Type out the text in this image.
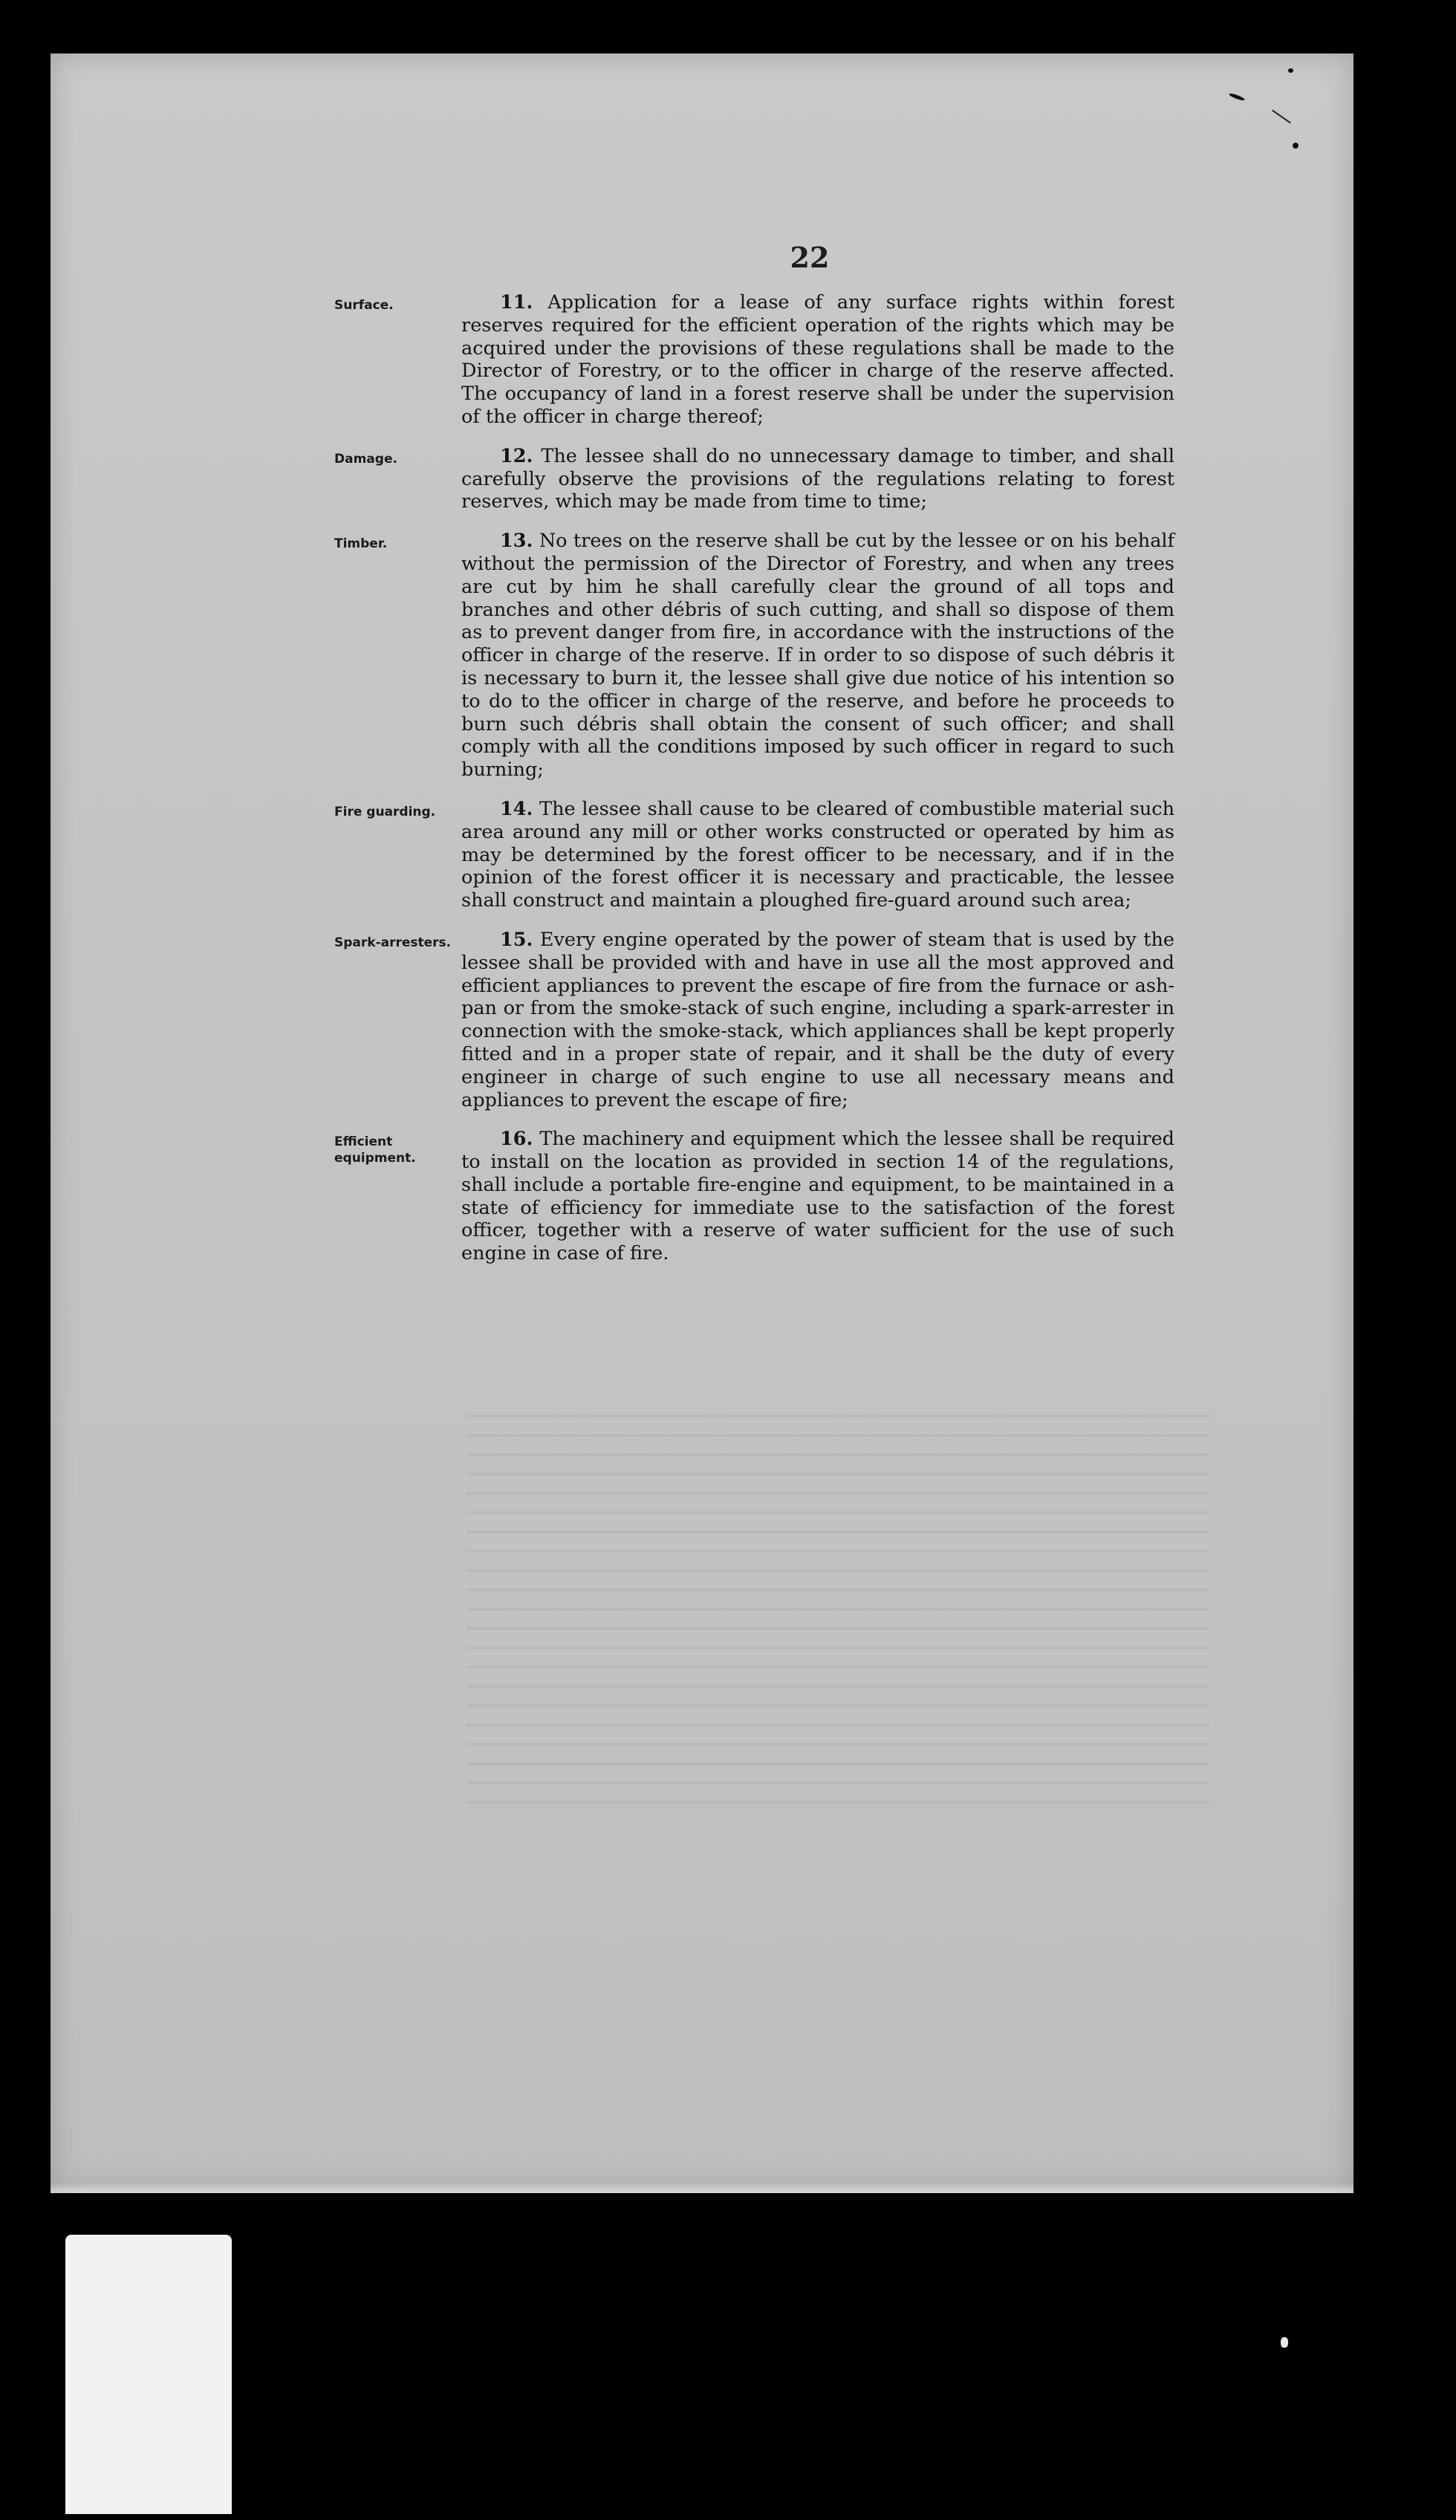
22
Surface.	11. Application for a lease of any surface rights within forest reserves required for the efficient operation of the rights which may be acquired under the provisions of these regulations shall be made to the Director of Forestry, or to the officer in charge of the reserve affected. The occupancy of land in a forest reserve shall be under the supervision of the officer in charge thereof;

Damage.	12. The lessee shall do no unnecessary damage to timber, and shall carefully observe the provisions of the regulations relating to forest reserves, which may be made from time to time;

Timber.	13. No trees on the reserve shall be cut by the lessee or on his behalf without the permission of the Director of Forestry, and when any trees are cut by him he shall carefully clear the ground of all tops and branches and other débris of such cutting, and shall so dispose of them as to prevent danger from fire, in accordance with the instructions of the officer in charge of the reserve. If in order to so dispose of such débris it is necessary to burn it, the lessee shall give due notice of his intention so to do to the officer in charge of the reserve, and before he proceeds to burn such débris shall obtain the consent of such officer; and shall comply with all the conditions imposed by such officer in regard to such burning;

Fire guarding.	14. The lessee shall cause to be cleared of combustible material such area around any mill or other works constructed or operated by him as may be determined by the forest officer to be necessary, and if in the opinion of the forest officer it is necessary and practicable, the lessee shall construct and maintain a ploughed fire-guard around such area;

Spark-arresters.	15. Every engine operated by the power of steam that is used by the lessee shall be provided with and have in use all the most approved and efficient appliances to prevent the escape of fire from the furnace or ash-pan or from the smoke-stack of such engine, including a spark-arrester in connection with the smoke-stack, which appliances shall be kept properly fitted and in a proper state of repair, and it shall be the duty of every engineer in charge of such engine to use all necessary means and appliances to prevent the escape of fire;

Efficient equipment.

16. The machinery and equipment which the lessee shall be required to install on the location as provided in section 14 of the regulations, shall include a portable fire-engine and equipment, to be maintained in a state of efficiency for immediate use to the satisfaction of the forest officer, together with a reserve of water sufficient for the use of such engine in case of fire.
